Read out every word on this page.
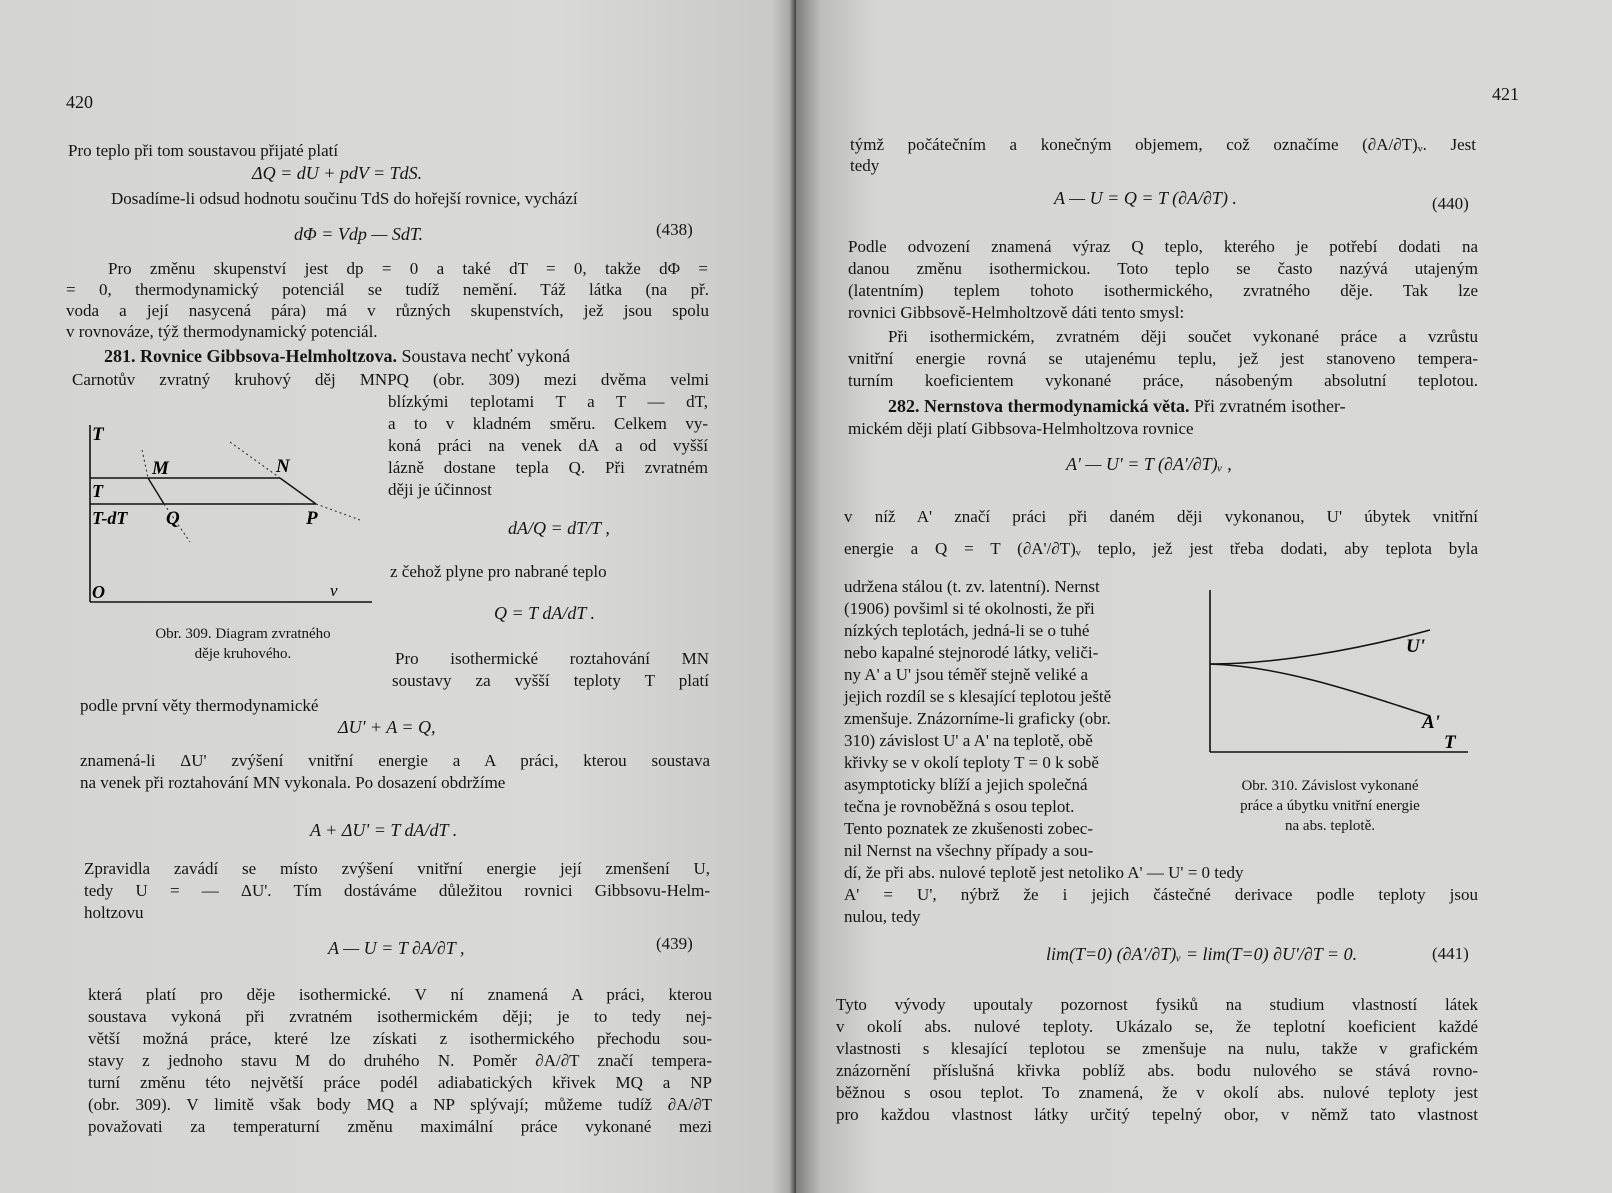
420
Pro teplo při tom soustavou přijaté platí
ΔQ = dU + pdV = TdS.
Dosadíme-li odsud hodnotu součinu TdS do hořejší rovnice, vychází
dΦ = Vdp — SdT.	(438)
Pro změnu skupenství jest dp = 0 a také dT = 0, takže dΦ =
= 0, thermodynamický potenciál se tudíž nemění. Táž látka (na př.
voda a její nasycená pára) má v různých skupenstvích, jež jsou spolu
v rovnováze, týž thermodynamický potenciál.
281. Rovnice Gibbsova-Helmholtzova. Soustava nechť vykoná
Carnotův zvratný kruhový děj MNPQ (obr. 309) mezi dvěma velmi
blízkými teplotami T a T — dT,
a to v kladném směru. Celkem vy-
koná práci na venek dA a od vyšší
lázně dostane tepla Q. Při zvratném
ději je účinnost
dA/Q = dT/T ,
z čehož plyne pro nabrané teplo
Q = T dA/dT .
Pro isothermické roztahování MN
soustavy za vyšší teploty T platí
podle první věty thermodynamické
ΔU' + A = Q,
znamená-li ΔU' zvýšení vnitřní energie a A práci, kterou soustava
na venek při roztahování MN vykonala. Po dosazení obdržíme
A + ΔU' = T dA/dT .
Zpravidla zavádí se místo zvýšení vnitřní energie její zmenšení U,
tedy U = — ΔU'. Tím dostáváme důležitou rovnici Gibbsovu-Helm-
holtzovu
A — U = T ∂A/∂T ,	(439)
která platí pro děje isothermické. V ní znamená A práci, kterou
soustava vykoná při zvratném isothermickém ději; je to tedy nej-
větší možná práce, které lze získati z isothermického přechodu sou-
stavy z jednoho stavu M do druhého N. Poměr ∂A/∂T značí tempera-
turní změnu této největší práce podél adiabatických křivek MQ a NP
(obr. 309). V limitě však body MQ a NP splývají; můžeme tudíž ∂A/∂T
považovati za temperaturní změnu maximální práce vykonané mezi
T
M	N
T
T-dT Q	P
O	v
Obr. 309. Diagram zvratného
děje kruhového.
421
týmž počátečním a konečným objemem, což označíme (∂A/∂T)ᵥ. Jest
tedy
A — U = Q = T (∂A/∂T) .	(440)
Podle odvození znamená výraz Q teplo, kterého je potřebí dodati na
danou změnu isothermickou. Toto teplo se často nazývá utajeným
(latentním) teplem tohoto isothermického, zvratného děje. Tak lze
rovnici Gibbsově-Helmholtzově dáti tento smysl:
Při isothermickém, zvratném ději součet vykonané práce a vzrůstu
vnitřní energie rovná se utajenému teplu, jež jest stanoveno tempera-
turním koeficientem vykonané práce, násobeným absolutní teplotou.
282. Nernstova thermodynamická věta. Při zvratném isother-
mickém ději platí Gibbsova-Helmholtzova rovnice
A' — U' = T (∂A'/∂T)ᵥ ,
v níž A' značí práci při daném ději vykonanou, U' úbytek vnitřní
energie a Q = T (∂A'/∂T)ᵥ teplo, jež jest třeba dodati, aby teplota byla
udržena stálou (t. zv. latentní). Nernst
(1906) povšiml si té okolnosti, že při
nízkých teplotách, jedná-li se o tuhé
nebo kapalné stejnorodé látky, veliči-
ny A' a U' jsou téměř stejně veliké a
jejich rozdíl se s klesající teplotou ještě
zmenšuje. Znázorníme-li graficky (obr.
310) závislost U' a A' na teplotě, obě
křivky se v okolí teploty T = 0 k sobě
asymptoticky blíží a jejich společná
tečna je rovnoběžná s osou teplot.
Tento poznatek ze zkušenosti zobec-
nil Nernst na všechny případy a sou-
dí, že při abs. nulové teplotě jest netoliko A' — U' = 0 tedy
A' = U', nýbrž že i jejich částečné derivace podle teploty jsou
nulou, tedy
lim(T=0) (∂A'/∂T)ᵥ = lim(T=0) ∂U'/∂T = 0.	(441)
Tyto vývody upoutaly pozornost fysiků na studium vlastností látek
v okolí abs. nulové teploty. Ukázalo se, že teplotní koeficient každé
vlastnosti s klesající teplotou se zmenšuje na nulu, takže v grafickém
znázornění příslušná křivka poblíž abs. bodu nulového se stává rovno-
běžnou s osou teplot. To znamená, že v okolí abs. nulové teploty jest
pro každou vlastnost látky určitý tepelný obor, v němž tato vlastnost
U'
A'
T
Obr. 310. Závislost vykonané
práce a úbytku vnitřní energie
na abs. teplotě.
